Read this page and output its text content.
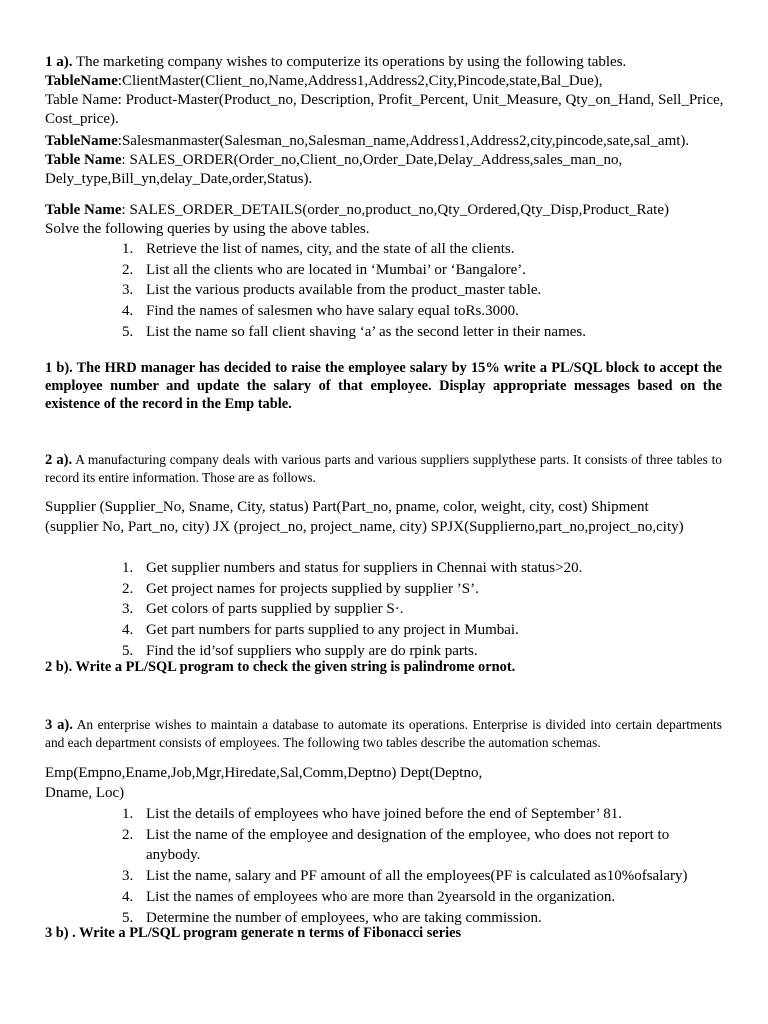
1 a). The marketing company wishes to computerize its operations by using the following tables.

TableName:ClientMaster(Client_no,Name,Address1,Address2,City,Pincode,state,Bal_Due),

Table Name: Product-Master(Product_no, Description, Profit_Percent, Unit_Measure, Qty_on_Hand, Sell_Price, Cost_price).

TableName:Salesmanmaster(Salesman_no,Salesman_name,Address1,Address2,city,pincode,sate,sal_amt).

Table Name: SALES_ORDER(Order_no,Client_no,Order_Date,Delay_Address,sales_man_no, Dely_type,Bill_yn,delay_Date,order,Status).

Table Name: SALES_ORDER_DETAILS(order_no,product_no,Qty_Ordered,Qty_Disp,Product_Rate)

Solve the following queries by using the above tables.

1. Retrieve the list of names, city, and the state of all the clients.
2. List all the clients who are located in ‘Mumbai’ or ‘Bangalore’.
3. List the various products available from the product_master table.
4. Find the names of salesmen who have salary equal toRs.3000.
5. List the name so fall client shaving ‘a’ as the second letter in their names.
1 b). The HRD manager has decided to raise the employee salary by 15% write a PL/SQL block to accept the employee number and update the salary of that employee. Display appropriate messages based on the existence of the record in the Emp table.
2 a). A manufacturing company deals with various parts and various suppliers supplythese parts. It consists of three tables to record its entire information. Those are as follows.
Supplier (Supplier_No, Sname, City, status) Part(Part_no, pname, color, weight, city, cost) Shipment (supplier No, Part_no, city) JX (project_no, project_name, city) SPJX(Supplierno,part_no,project_no,city)
1. Get supplier numbers and status for suppliers in Chennai with status>20.
2. Get project names for projects supplied by supplier ’S’.
3. Get colors of parts supplied by supplier S·.
4. Get part numbers for parts supplied to any project in Mumbai.
5. Find the id’sof suppliers who supply are do rpink parts.
2 b). Write a PL/SQL program to check the given string is palindrome ornot.
3 a). An enterprise wishes to maintain a database to automate its operations. Enterprise is divided into certain departments and each department consists of employees. The following two tables describe the automation schemas.
Emp(Empno,Ename,Job,Mgr,Hiredate,Sal,Comm,Deptno) Dept(Deptno,
Dname, Loc)
1. List the details of employees who have joined before the end of September’ 81.
2. List the name of the employee and designation of the employee, who does not report to anybody.
3. List the name, salary and PF amount of all the employees(PF is calculated as10%ofsalary)
4. List the names of employees who are more than 2yearsold in the organization.
5. Determine the number of employees, who are taking commission.
3 b) . Write a PL/SQL program generate n terms of Fibonacci series
